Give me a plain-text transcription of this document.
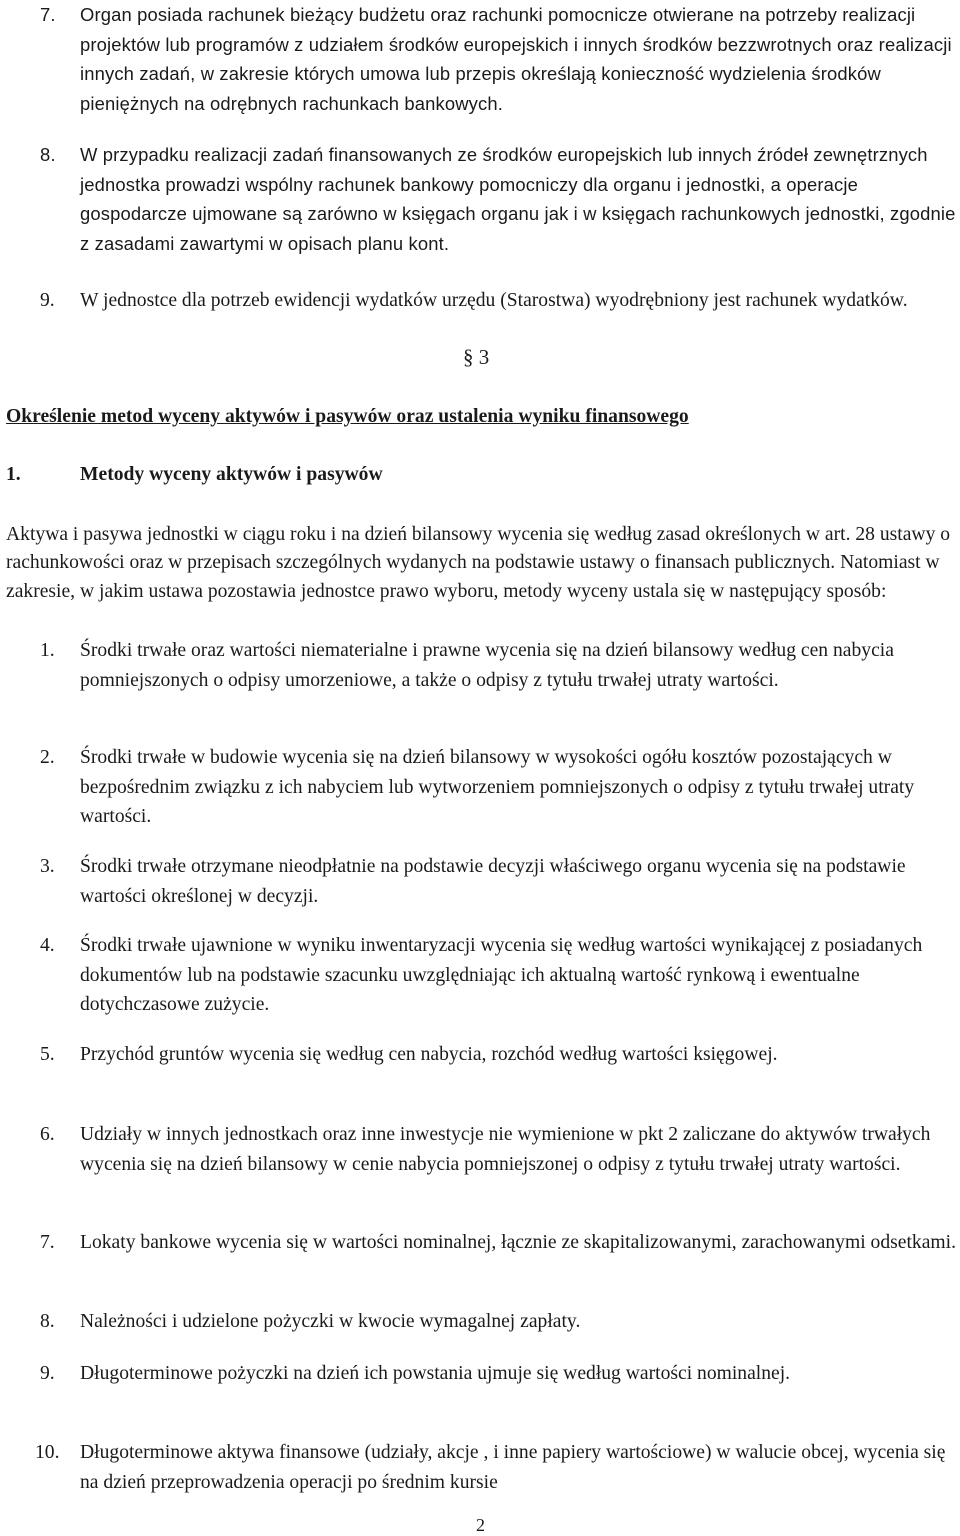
7. Organ posiada rachunek bieżący budżetu oraz rachunki pomocnicze otwierane na potrzeby realizacji projektów lub programów z udziałem środków europejskich i innych środków bezzwrotnych oraz realizacji innych zadań, w zakresie których umowa lub przepis określają konieczność wydzielenia środków pieniężnych na odrębnych rachunkach bankowych.
8. W przypadku realizacji zadań finansowanych ze środków europejskich lub innych źródeł zewnętrznych jednostka prowadzi wspólny rachunek bankowy pomocniczy dla organu i jednostki, a operacje gospodarcze ujmowane są zarówno w księgach organu jak i w księgach rachunkowych jednostki, zgodnie z zasadami zawartymi w opisach planu kont.
9. W jednostce dla potrzeb ewidencji wydatków urzędu (Starostwa) wyodrębniony jest rachunek wydatków.
§ 3
Określenie metod wyceny aktywów i pasywów oraz ustalenia wyniku finansowego
1.	Metody wyceny aktywów i pasywów
Aktywa i pasywa jednostki w ciągu roku i na dzień bilansowy wycenia się według zasad określonych w art. 28 ustawy o rachunkowości oraz w przepisach szczególnych wydanych na podstawie ustawy o finansach publicznych. Natomiast w zakresie, w jakim ustawa pozostawia jednostce prawo wyboru, metody wyceny ustala się w następujący sposób:
1. Środki trwałe oraz wartości niematerialne i prawne wycenia się na dzień bilansowy według cen nabycia pomniejszonych o odpisy umorzeniowe, a także o odpisy z tytułu trwałej utraty wartości.
2. Środki trwałe w budowie wycenia się na dzień bilansowy w wysokości ogółu kosztów pozostających w bezpośrednim związku z ich nabyciem lub wytworzeniem pomniejszonych o odpisy z tytułu trwałej utraty wartości.
3. Środki trwałe otrzymane nieodpłatnie na podstawie decyzji właściwego organu wycenia się na podstawie wartości określonej w decyzji.
4. Środki trwałe ujawnione w wyniku inwentaryzacji wycenia się według wartości wynikającej z posiadanych dokumentów lub na podstawie szacunku uwzględniając ich aktualną wartość rynkową i ewentualne dotychczasowe zużycie.
5. Przychód gruntów wycenia się według cen nabycia, rozchód według wartości księgowej.
6. Udziały w innych jednostkach oraz inne inwestycje nie wymienione w pkt 2 zaliczane do aktywów trwałych wycenia się na dzień bilansowy w cenie nabycia pomniejszonej o odpisy z tytułu trwałej utraty wartości.
7. Lokaty bankowe wycenia się w wartości nominalnej, łącznie ze skapitalizowanymi, zarachowanymi odsetkami.
8. Należności i udzielone pożyczki w kwocie wymagalnej zapłaty.
9. Długoterminowe pożyczki na dzień ich powstania ujmuje się według wartości nominalnej.
10. Długoterminowe aktywa finansowe (udziały, akcje , i inne papiery wartościowe) w walucie obcej, wycenia się na dzień przeprowadzenia operacji po średnim kursie
2
